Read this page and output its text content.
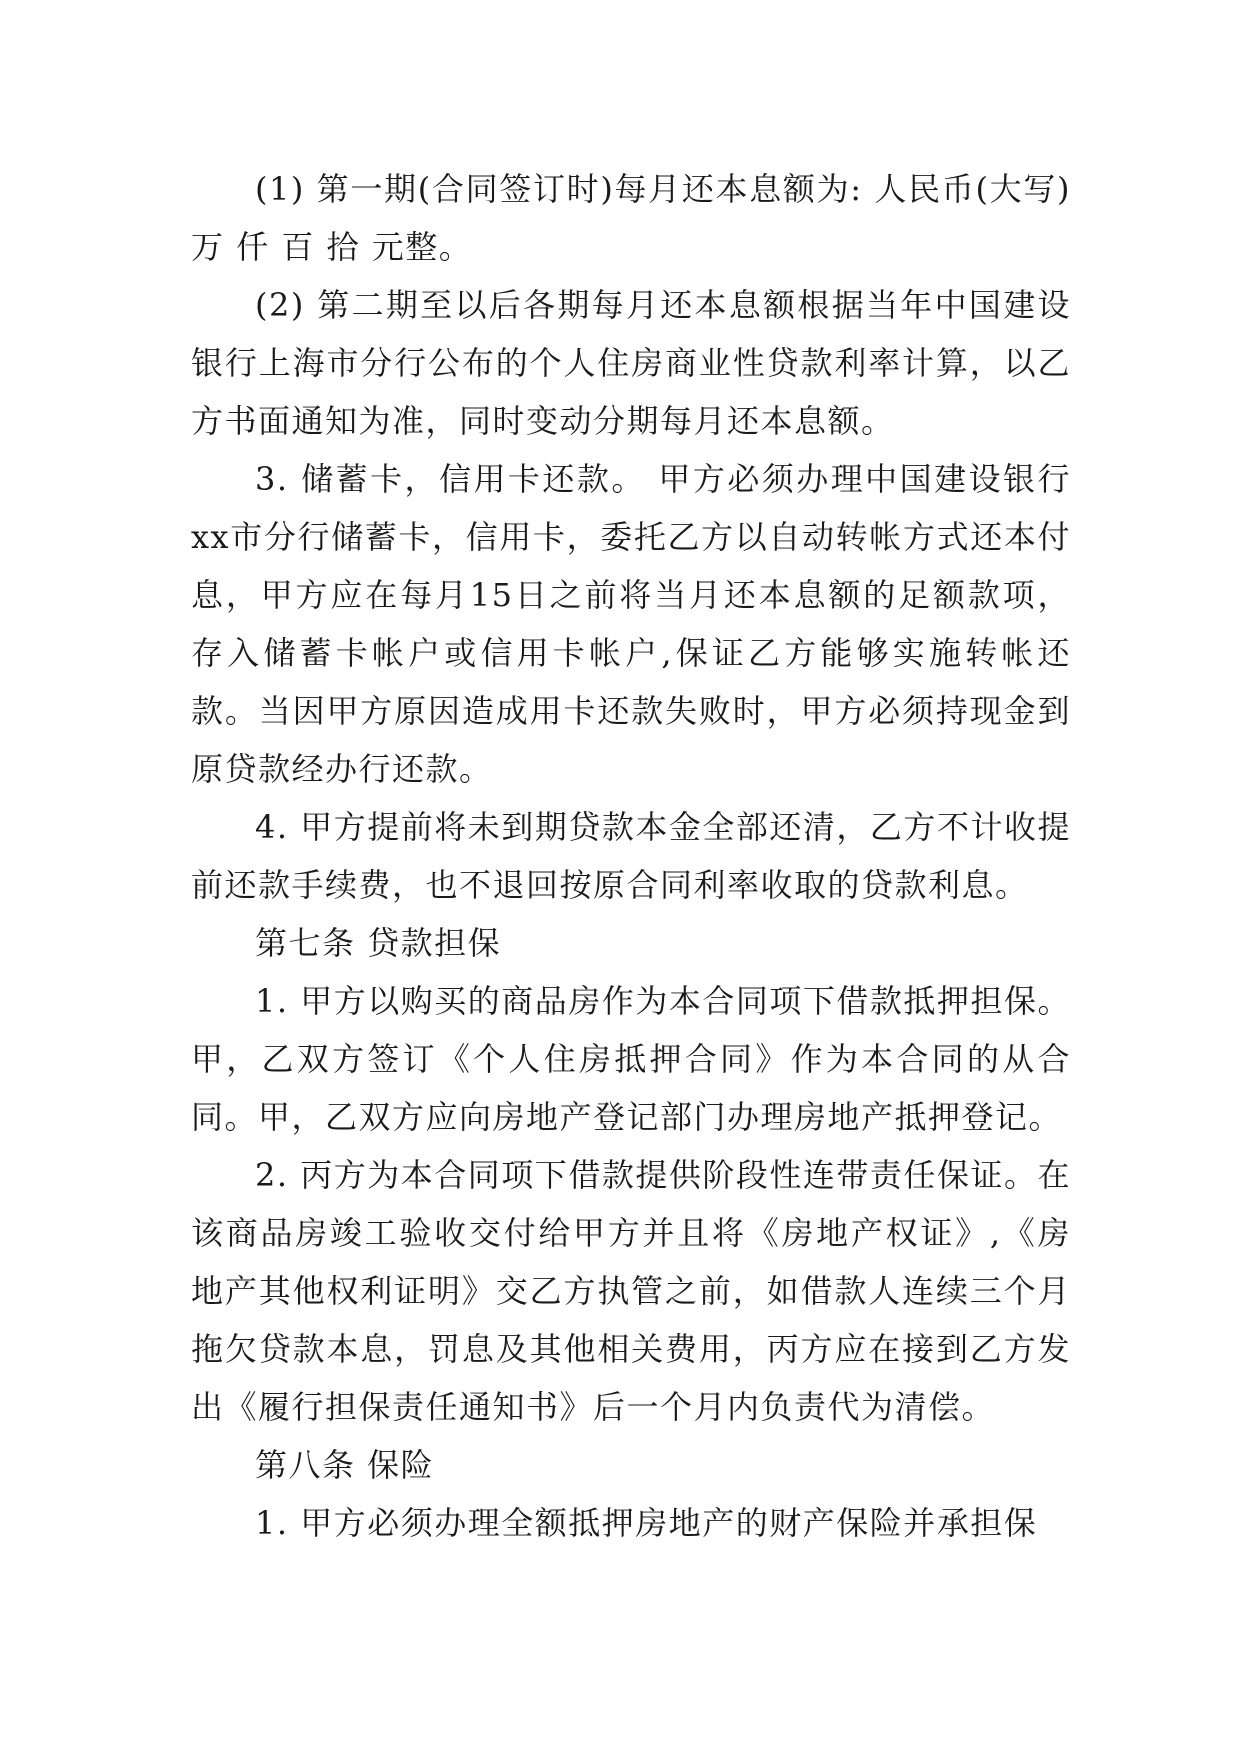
(1) 第一期(合同签订时)每月还本息额为: 人民币(大写)万 仟 百 拾 元整。

(2) 第二期至以后各期每月还本息额根据当年中国建设银行上海市分行公布的个人住房商业性贷款利率计算，以乙方书面通知为准，同时变动分期每月还本息额。

3. 储蓄卡，信用卡还款。 甲方必须办理中国建设银行xx市分行储蓄卡，信用卡，委托乙方以自动转帐方式还本付息，甲方应在每月15日之前将当月还本息额的足额款项，存入储蓄卡帐户或信用卡帐户,保证乙方能够实施转帐还款。当因甲方原因造成用卡还款失败时，甲方必须持现金到原贷款经办行还款。

4. 甲方提前将未到期贷款本金全部还清，乙方不计收提前还款手续费，也不退回按原合同利率收取的贷款利息。

第七条 贷款担保

1. 甲方以购买的商品房作为本合同项下借款抵押担保。甲，乙双方签订《个人住房抵押合同》作为本合同的从合同。甲，乙双方应向房地产登记部门办理房地产抵押登记。

2. 丙方为本合同项下借款提供阶段性连带责任保证。在该商品房竣工验收交付给甲方并且将《房地产权证》,《房地产其他权利证明》交乙方执管之前，如借款人连续三个月拖欠贷款本息，罚息及其他相关费用，丙方应在接到乙方发出《履行担保责任通知书》后一个月内负责代为清偿。

第八条 保险

1. 甲方必须办理全额抵押房地产的财产保险并承担保
